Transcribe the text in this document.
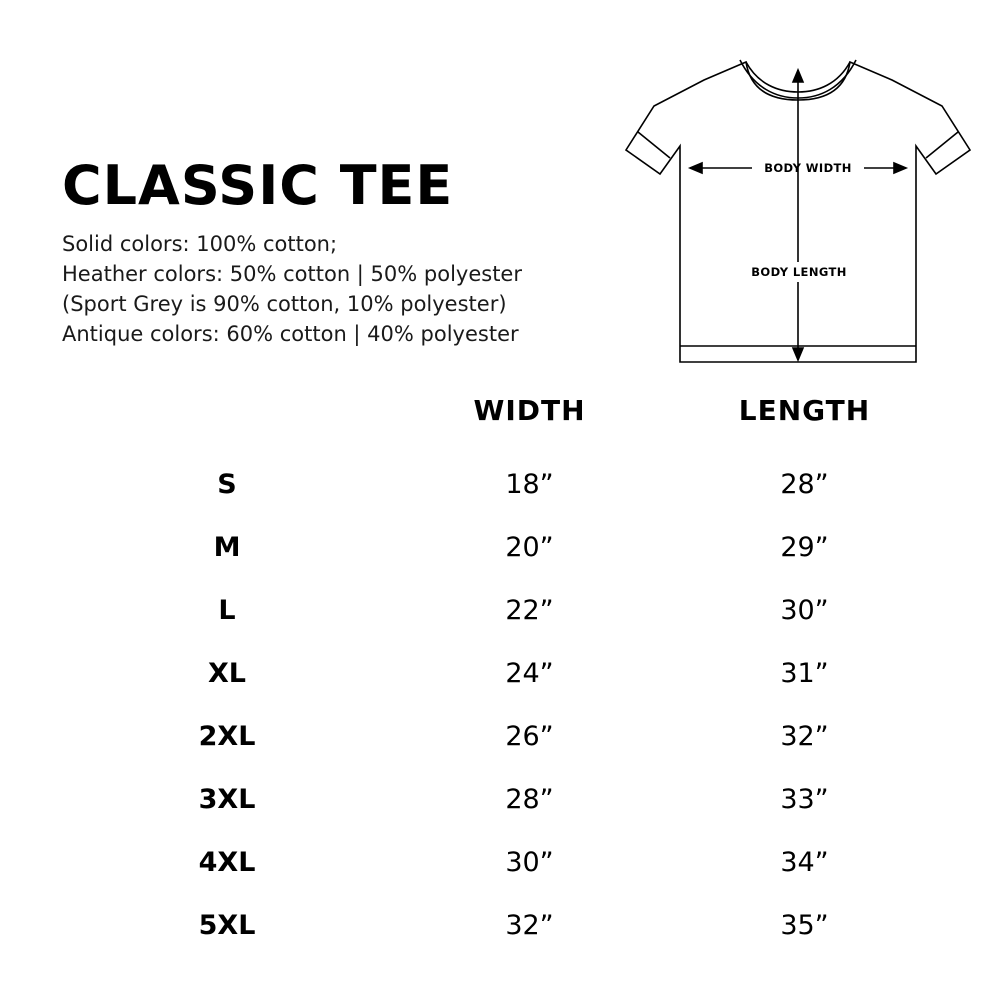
CLASSIC TEE
Solid colors: 100% cotton;
Heather colors: 50% cotton | 50% polyester
(Sport Grey is 90% cotton, 10% polyester)
Antique colors: 60% cotton | 40% polyester
BODY WIDTH
BODY LENGTH
	WIDTH	LENGTH
S	18”	28”
M	20”	29”
L	22”	30”
XL	24”	31”
2XL	26”	32”
3XL	28”	33”
4XL	30”	34”
5XL	32”	35”
